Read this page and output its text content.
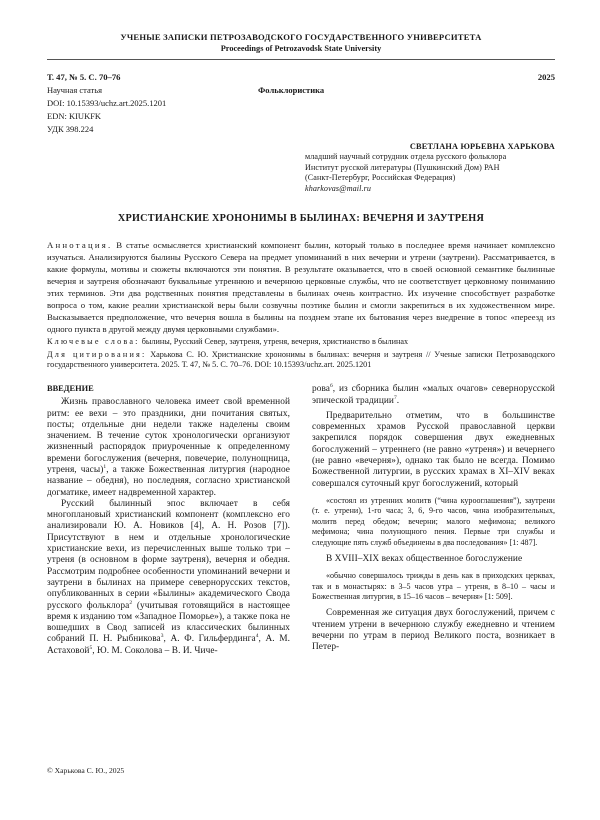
УЧЕНЫЕ ЗАПИСКИ ПЕТРОЗАВОДСКОГО ГОСУДАРСТВЕННОГО УНИВЕРСИТЕТА
Proceedings of Petrozavodsk State University
Т. 47, № 5. С. 70–76	2025
Научная статья
DOI: 10.15393/uchz.art.2025.1201
EDN: KIUKFK
УДК 398.224
Фольклористика
СВЕТЛАНА ЮРЬЕВНА ХАРЬКОВА
младший научный сотрудник отдела русского фольклора
Институт русской литературы (Пушкинский Дом) РАН
(Санкт-Петербург, Российская Федерация)
kharkovas@mail.ru
ХРИСТИАНСКИЕ ХРОНОНИМЫ В БЫЛИНАХ: ВЕЧЕРНЯ И ЗАУТРЕНЯ
Аннотация. В статье осмысляется христианский компонент былин, который только в последнее время начинает комплексно изучаться. Анализируются былины Русского Севера на предмет упоминаний в них вечерни и утрени (заутрени). Рассматривается, в какие формулы, мотивы и сюжеты включаются эти понятия. В результате оказывается, что в своей основной семантике былинные вечерня и заутреня обозначают буквальные утреннюю и вечернюю церковные службы, что не соответствует церковному пониманию этих терминов. Эти два родственных понятия представлены в былинах очень контрастно. Их изучение способствует разработке вопроса о том, какие реалии христианской веры были созвучны поэтике былин и смогли закрепиться в их художественном мире. Высказывается предположение, что вечерня вошла в былины на позднем этапе их бытования через внедрение в топос «переезд из одного пункта в другой между двумя церковными службами».
Ключевые слова: былины, Русский Север, заутреня, утреня, вечерня, христианство в былинах
Для цитирования: Харькова С. Ю. Христианские хрононимы в былинах: вечерня и заутреня // Ученые записки Петрозаводского государственного университета. 2025. Т. 47, № 5. С. 70–76. DOI: 10.15393/uchz.art. 2025.1201
ВВЕДЕНИЕ

Жизнь православного человека имеет свой временной ритм: ее вехи – это праздники, дни почитания святых, посты; отдельные дни недели также наделены своим значением. В течение суток хронологически организуют жизненный распорядок приуроченные к определенному времени богослужения (вечерня, повечерие, полунощница, утреня, часы)$^1$, а также Божественная литургия (народное название – обедня), но последняя, согласно христианской догматике, имеет надвременной характер.

Русский былинный эпос включает в себя многоплановый христианский компонент (комплексно его анализировали Ю. А. Новиков [4], А. Н. Розов [7]). Присутствуют в нем и отдельные хронологические христианские вехи, из перечисленных выше только три – утреня (в основном в форме заутреня), вечерня и обедня. Рассмотрим подробнее особенности упоминаний вечерни и заутрени в былинах на примере севернорусских текстов, опубликованных в серии «Былины» академического Свода русского фольклора$^2$ (учитывая готовящийся в настоящее время к изданию том «Западное Поморье»), а также пока не вошедших в Свод записей из классических былинных собраний П. Н. Рыбникова$^3$, А. Ф. Гильфердинга$^4$, А. М. Астаховой$^5$, Ю. М. Соколова – В. И. Чиче-

рова$^6$, из сборника былин «малых очагов» севернорусской эпической традиции$^7$.

Предварительно отметим, что в большинстве современных храмов Русской православной церкви закрепился порядок совершения двух ежедневных богослужений – утреннего (не равно «утреня») и вечернего (не равно «вечерня»), однако так было не всегда. Помимо Божественной литургии, в русских храмах в XI–XIV веках совершался суточный круг богослужений, который

«состоял из утренних молитв (“чина курооглашения”), заутрени (т. е. утрени), 1-го часа; 3, 6, 9-го часов, чина изобразительных, молитв перед обедом; вечерни; малого мефимона; великого мефимона; чина полунощного пения. Первые три службы и следующие пять служб объединены в два последования» [1: 487].

В XVIII–XIX веках общественное богослужение

«обычно совершалось трижды в день как в приходских церквах, так и в монастырях: в 3–5 часов утра – утреня, в 8–10 – часы и Божественная литургия, в 15–16 часов – вечерня» [1: 509].

Современная же ситуация двух богослужений, причем с чтением утрени в вечернюю службу ежедневно и чтением вечерни по утрам в период Великого поста, возникает в Петер-

© Харькова С. Ю., 2025
